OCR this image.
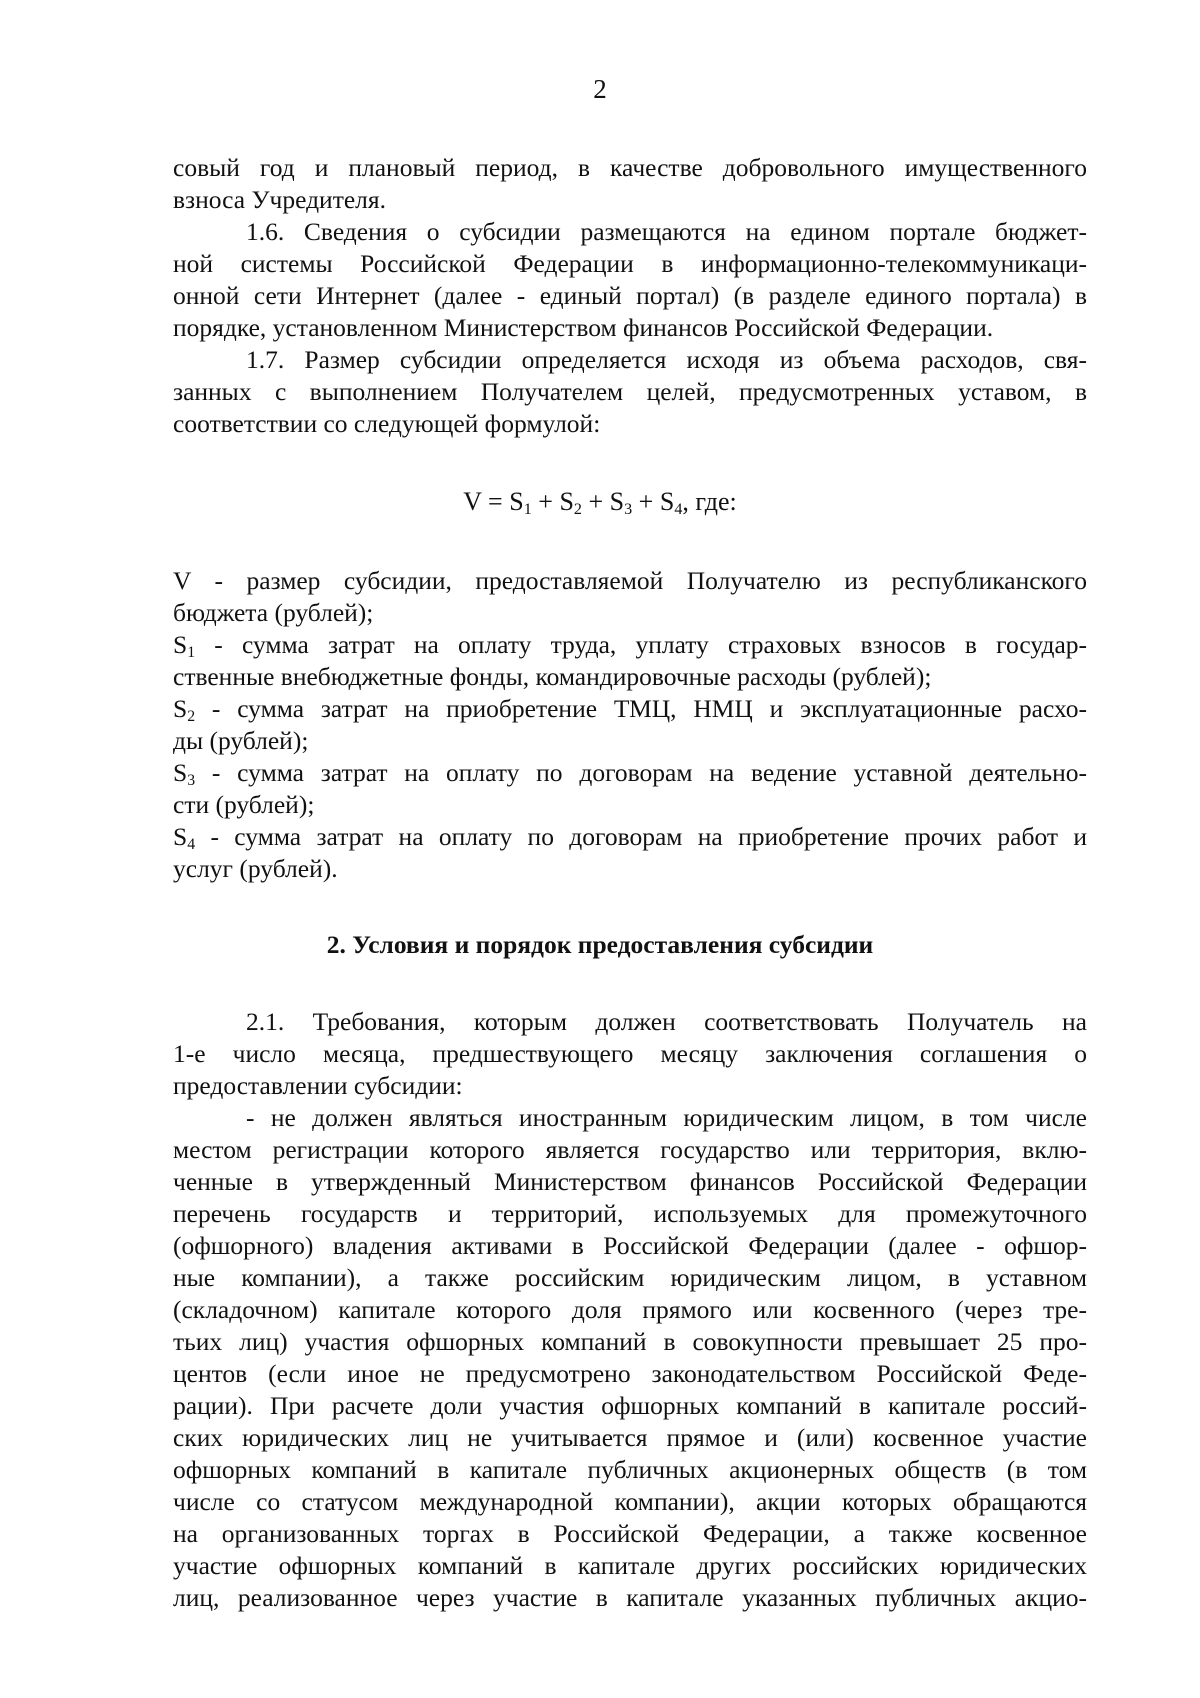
2
совый год и плановый период, в качестве добровольного имущественного
взноса Учредителя.
1.6. Сведения о субсидии размещаются на едином портале бюджет-
ной системы Российской Федерации в информационно-телекоммуникаци-
онной сети Интернет (далее - единый портал) (в разделе единого портала) в
порядке, установленном Министерством финансов Российской Федерации.
1.7. Размер субсидии определяется исходя из объема расходов, свя-
занных с выполнением Получателем целей, предусмотренных уставом, в
соответствии со следующей формулой:
$V = S_1 + S_2 + S_3 + S_4$, где:
V - размер субсидии, предоставляемой Получателю из республиканского
бюджета (рублей);
$S_1$ - сумма затрат на оплату труда, уплату страховых взносов в государ-
ственные внебюджетные фонды, командировочные расходы (рублей);
$S_2$ - сумма затрат на приобретение ТМЦ, НМЦ и эксплуатационные расхо-
ды (рублей);
$S_3$ - сумма затрат на оплату по договорам на ведение уставной деятельно-
сти (рублей);
$S_4$ - сумма затрат на оплату по договорам на приобретение прочих работ и
услуг (рублей).
2. Условия и порядок предоставления субсидии
2.1. Требования, которым должен соответствовать Получатель на
1-е число месяца, предшествующего месяцу заключения соглашения о
предоставлении субсидии:
- не должен являться иностранным юридическим лицом, в том числе
местом регистрации которого является государство или территория, вклю-
ченные в утвержденный Министерством финансов Российской Федерации
перечень государств и территорий, используемых для промежуточного
(офшорного) владения активами в Российской Федерации (далее - офшор-
ные компании), а также российским юридическим лицом, в уставном
(складочном) капитале которого доля прямого или косвенного (через тре-
тьих лиц) участия офшорных компаний в совокупности превышает 25 про-
центов (если иное не предусмотрено законодательством Российской Феде-
рации). При расчете доли участия офшорных компаний в капитале россий-
ских юридических лиц не учитывается прямое и (или) косвенное участие
офшорных компаний в капитале публичных акционерных обществ (в том
числе со статусом международной компании), акции которых обращаются
на организованных торгах в Российской Федерации, а также косвенное
участие офшорных компаний в капитале других российских юридических
лиц, реализованное через участие в капитале указанных публичных акцио-
